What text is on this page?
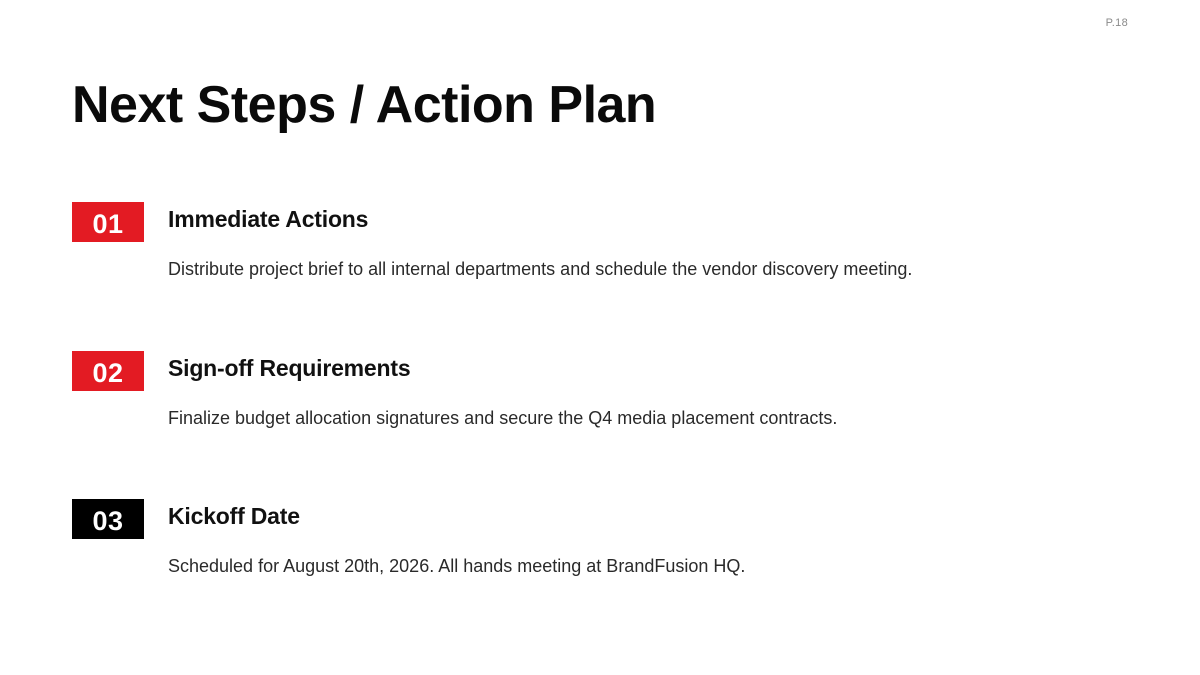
P.18
Next Steps / Action Plan
01	Immediate Actions

Distribute project brief to all internal departments and schedule the vendor discovery meeting.

02	Sign-off Requirements

Finalize budget allocation signatures and secure the Q4 media placement contracts.

03	Kickoff Date

Scheduled for August 20th, 2026. All hands meeting at BrandFusion HQ.
